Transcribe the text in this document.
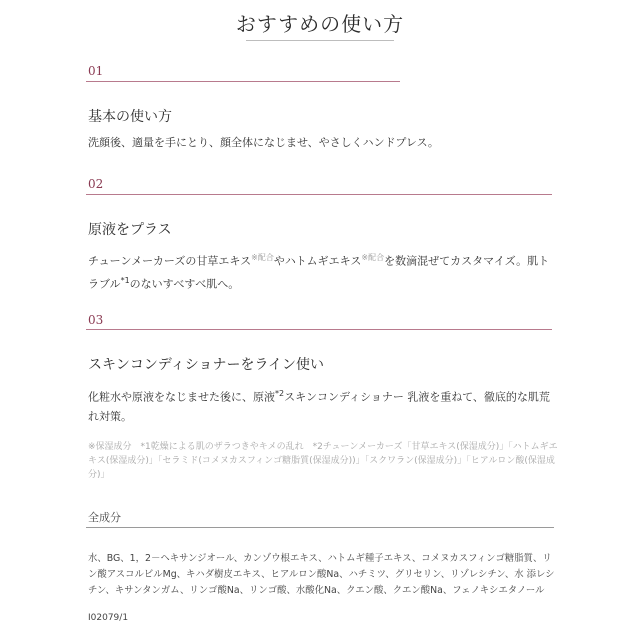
おすすめの使い方
01
基本の使い方
洗顔後、適量を手にとり、顔全体になじませ、やさしくハンドプレス。
02
原液をプラス
チューンメーカーズの甘草エキス$^{※配合}$やハトムギエキス$^{※配合}$を数滴混ぜてカスタマイズ。肌トラブル$^{*1}$のないすべすべ肌へ。
03
スキンコンディショナーをライン使い
化粧水や原液をなじませた後に、原液$^{*2}$スキンコンディショナー 乳液を重ねて、徹底的な肌荒れ対策。
※保湿成分　*1乾燥による肌のザラつきやキメの乱れ　*2チューンメーカーズ「甘草エキス(保湿成分)」「ハトムギエキス(保湿成分)」「セラミド(コメヌカスフィンゴ糖脂質(保湿成分))」「スクワラン(保湿成分)」「ヒアルロン酸(保湿成分)」
全成分
水、BG、1，2－ヘキサンジオール、カンゾウ根エキス、ハトムギ種子エキス、コメヌカスフィンゴ糖脂質、リン酸アスコルビルMg、キハダ樹皮エキス、ヒアルロン酸Na、ハチミツ、グリセリン、リゾレシチン、水 添レシチン、キサンタンガム、リンゴ酸Na、リンゴ酸、水酸化Na、クエン酸、クエン酸Na、フェノキシエタノール
I02079/1
